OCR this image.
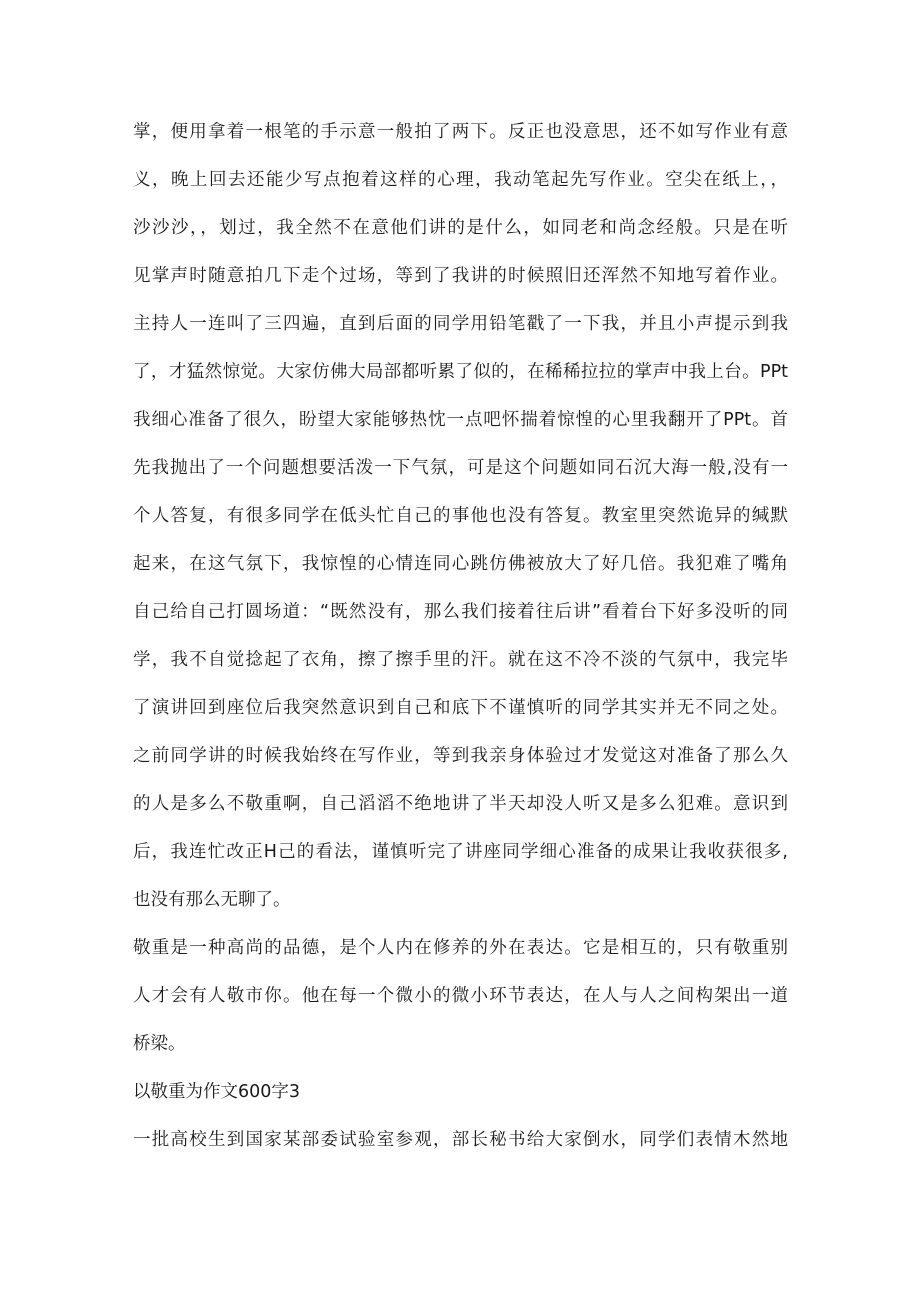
掌，便用拿着一根笔的手示意一般拍了两下。反正也没意思，还不如写作业有意
义，晚上回去还能少写点抱着这样的心理，我动笔起先写作业。空尖在纸上，，
沙沙沙，，划过，我全然不在意他们讲的是什么，如同老和尚念经般。只是在听
见掌声时随意拍几下走个过场，等到了我讲的时候照旧还浑然不知地写着作业。
主持人一连叫了三四遍，直到后面的同学用铅笔戳了一下我，并且小声提示到我
了，才猛然惊觉。大家仿佛大局部都听累了似的，在稀稀拉拉的掌声中我上台。PPt
我细心准备了很久，盼望大家能够热忱一点吧怀揣着惊惶的心里我翻开了PPt。首
先我抛出了一个问题想要活泼一下气氛，可是这个问题如同石沉大海一般,没有一
个人答复，有很多同学在低头忙自己的事他也没有答复。教室里突然诡异的缄默
起来，在这气氛下，我惊惶的心情连同心跳仿佛被放大了好几倍。我犯难了嘴角
自己给自己打圆场道：“既然没有，那么我们接着往后讲”看着台下好多没听的同
学，我不自觉捻起了衣角，擦了擦手里的汗。就在这不冷不淡的气氛中，我完毕
了演讲回到座位后我突然意识到自己和底下不谨慎听的同学其实并无不同之处。
之前同学讲的时候我始终在写作业，等到我亲身体验过才发觉这对准备了那么久
的人是多么不敬重啊，自己滔滔不绝地讲了半天却没人听又是多么犯难。意识到
后，我连忙改正H己的看法，谨慎听完了讲座同学细心准备的成果让我收获很多,
也没有那么无聊了。
敬重是一种高尚的品德，是个人内在修养的外在表达。它是相互的，只有敬重别
人才会有人敬市你。他在每一个微小的微小环节表达，在人与人之间构架出一道
桥梁。
以敬重为作文600字3
一批高校生到国家某部委试验室参观，部长秘书给大家倒水，同学们表情木然地
